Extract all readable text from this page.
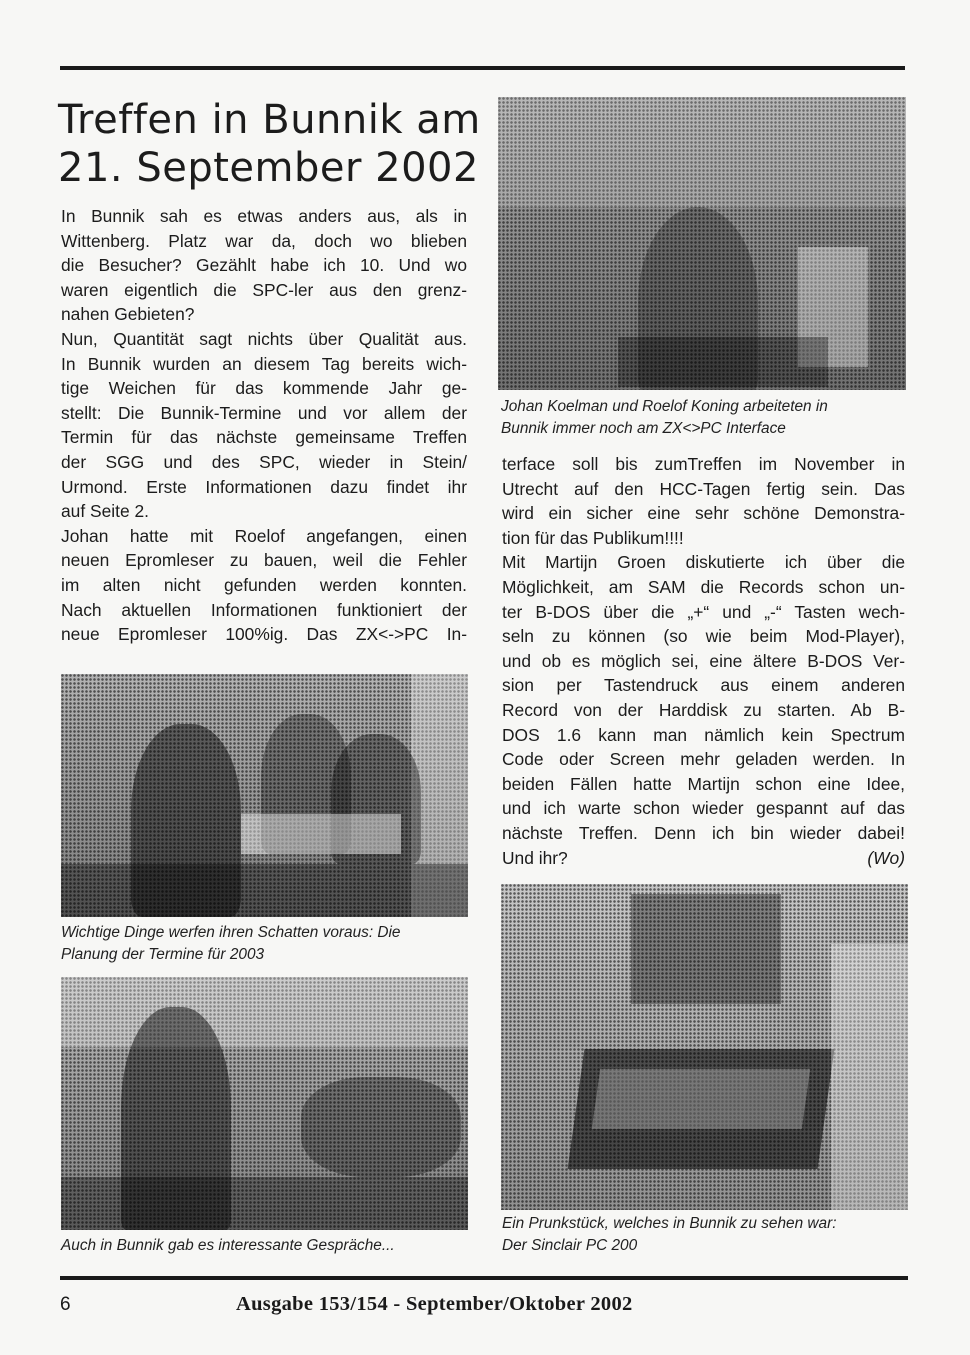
Treffen in Bunnik am
21. September 2002

In Bunnik sah es etwas anders aus, als in
Wittenberg. Platz war da, doch wo blieben
die Besucher? Gezählt habe ich 10. Und wo
waren eigentlich die SPC-ler aus den grenz-
nahen Gebieten?

Nun, Quantität sagt nichts über Qualität aus.
In Bunnik wurden an diesem Tag bereits wich-
tige Weichen für das kommende Jahr ge-
stellt: Die Bunnik-Termine und vor allem der
Termin für das nächste gemeinsame Treffen
der SGG und des SPC, wieder in Stein/
Urmond. Erste Informationen dazu findet ihr
auf Seite 2.

Johan hatte mit Roelof angefangen, einen
neuen Epromleser zu bauen, weil die Fehler
im alten nicht gefunden werden konnten.
Nach aktuellen Informationen funktioniert der
neue Epromleser 100%ig. Das ZX<->PC In-

Johan Koelman und Roelof Koning arbeiteten in
Bunnik immer noch am ZX<>PC Interface

terface soll bis zumTreffen im November in
Utrecht auf den HCC-Tagen fertig sein. Das
wird ein sicher eine sehr schöne Demonstra-
tion für das Publikum!!!!

Mit Martijn Groen diskutierte ich über die
Möglichkeit, am SAM die Records schon un-
ter B-DOS über die „+“ und „-“ Tasten wech-
seln zu können (so wie beim Mod-Player),
und ob es möglich sei, eine ältere B-DOS Ver-
sion per Tastendruck aus einem anderen
Record von der Harddisk zu starten. Ab B-
DOS 1.6 kann man nämlich kein Spectrum
Code oder Screen mehr geladen werden. In
beiden Fällen hatte Martijn schon eine Idee,
und ich warte schon wieder gespannt auf das
nächste Treffen. Denn ich bin wieder dabei!

Und ihr?	(Wo)

Wichtige Dinge werfen ihren Schatten voraus: Die
Planung der Termine für 2003

Auch in Bunnik gab es interessante Gespräche...

Ein Prunkstück, welches in Bunnik zu sehen war:
Der Sinclair PC 200

6	Ausgabe 153/154 - September/Oktober 2002
